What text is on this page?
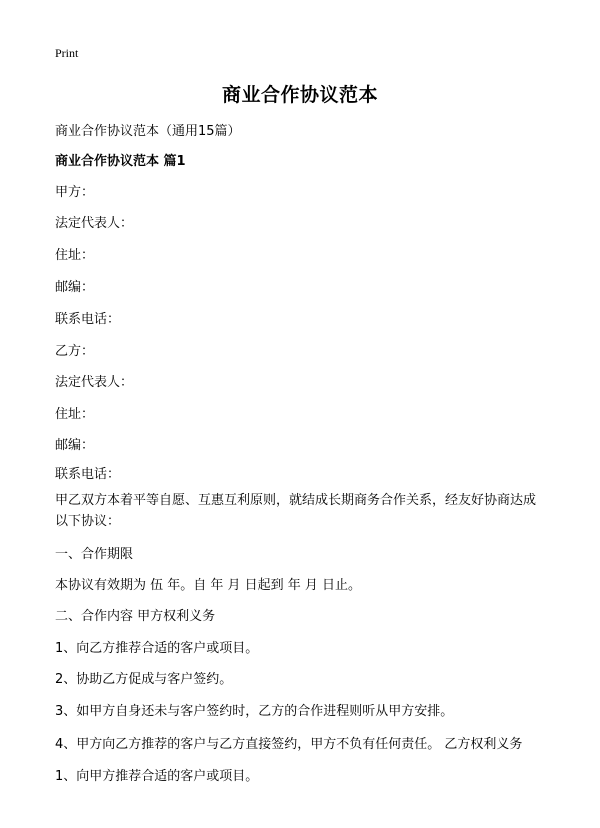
Print
商业合作协议范本
商业合作协议范本（通用15篇）
商业合作协议范本 篇1
甲方：
法定代表人：
住址：
邮编：
联系电话：
乙方：
法定代表人：
住址：
邮编：
联系电话：
甲乙双方本着平等自愿、互惠互利原则，就结成长期商务合作关系，经友好协商达成以下协议：
一、合作期限
本协议有效期为 伍 年。自 年 月 日起到 年 月 日止。
二、合作内容 甲方权利义务
1、向乙方推荐合适的客户或项目。
2、协助乙方促成与客户签约。
3、如甲方自身还未与客户签约时，乙方的合作进程则听从甲方安排。
4、甲方向乙方推荐的客户与乙方直接签约，甲方不负有任何责任。 乙方权利义务
1、向甲方推荐合适的客户或项目。
